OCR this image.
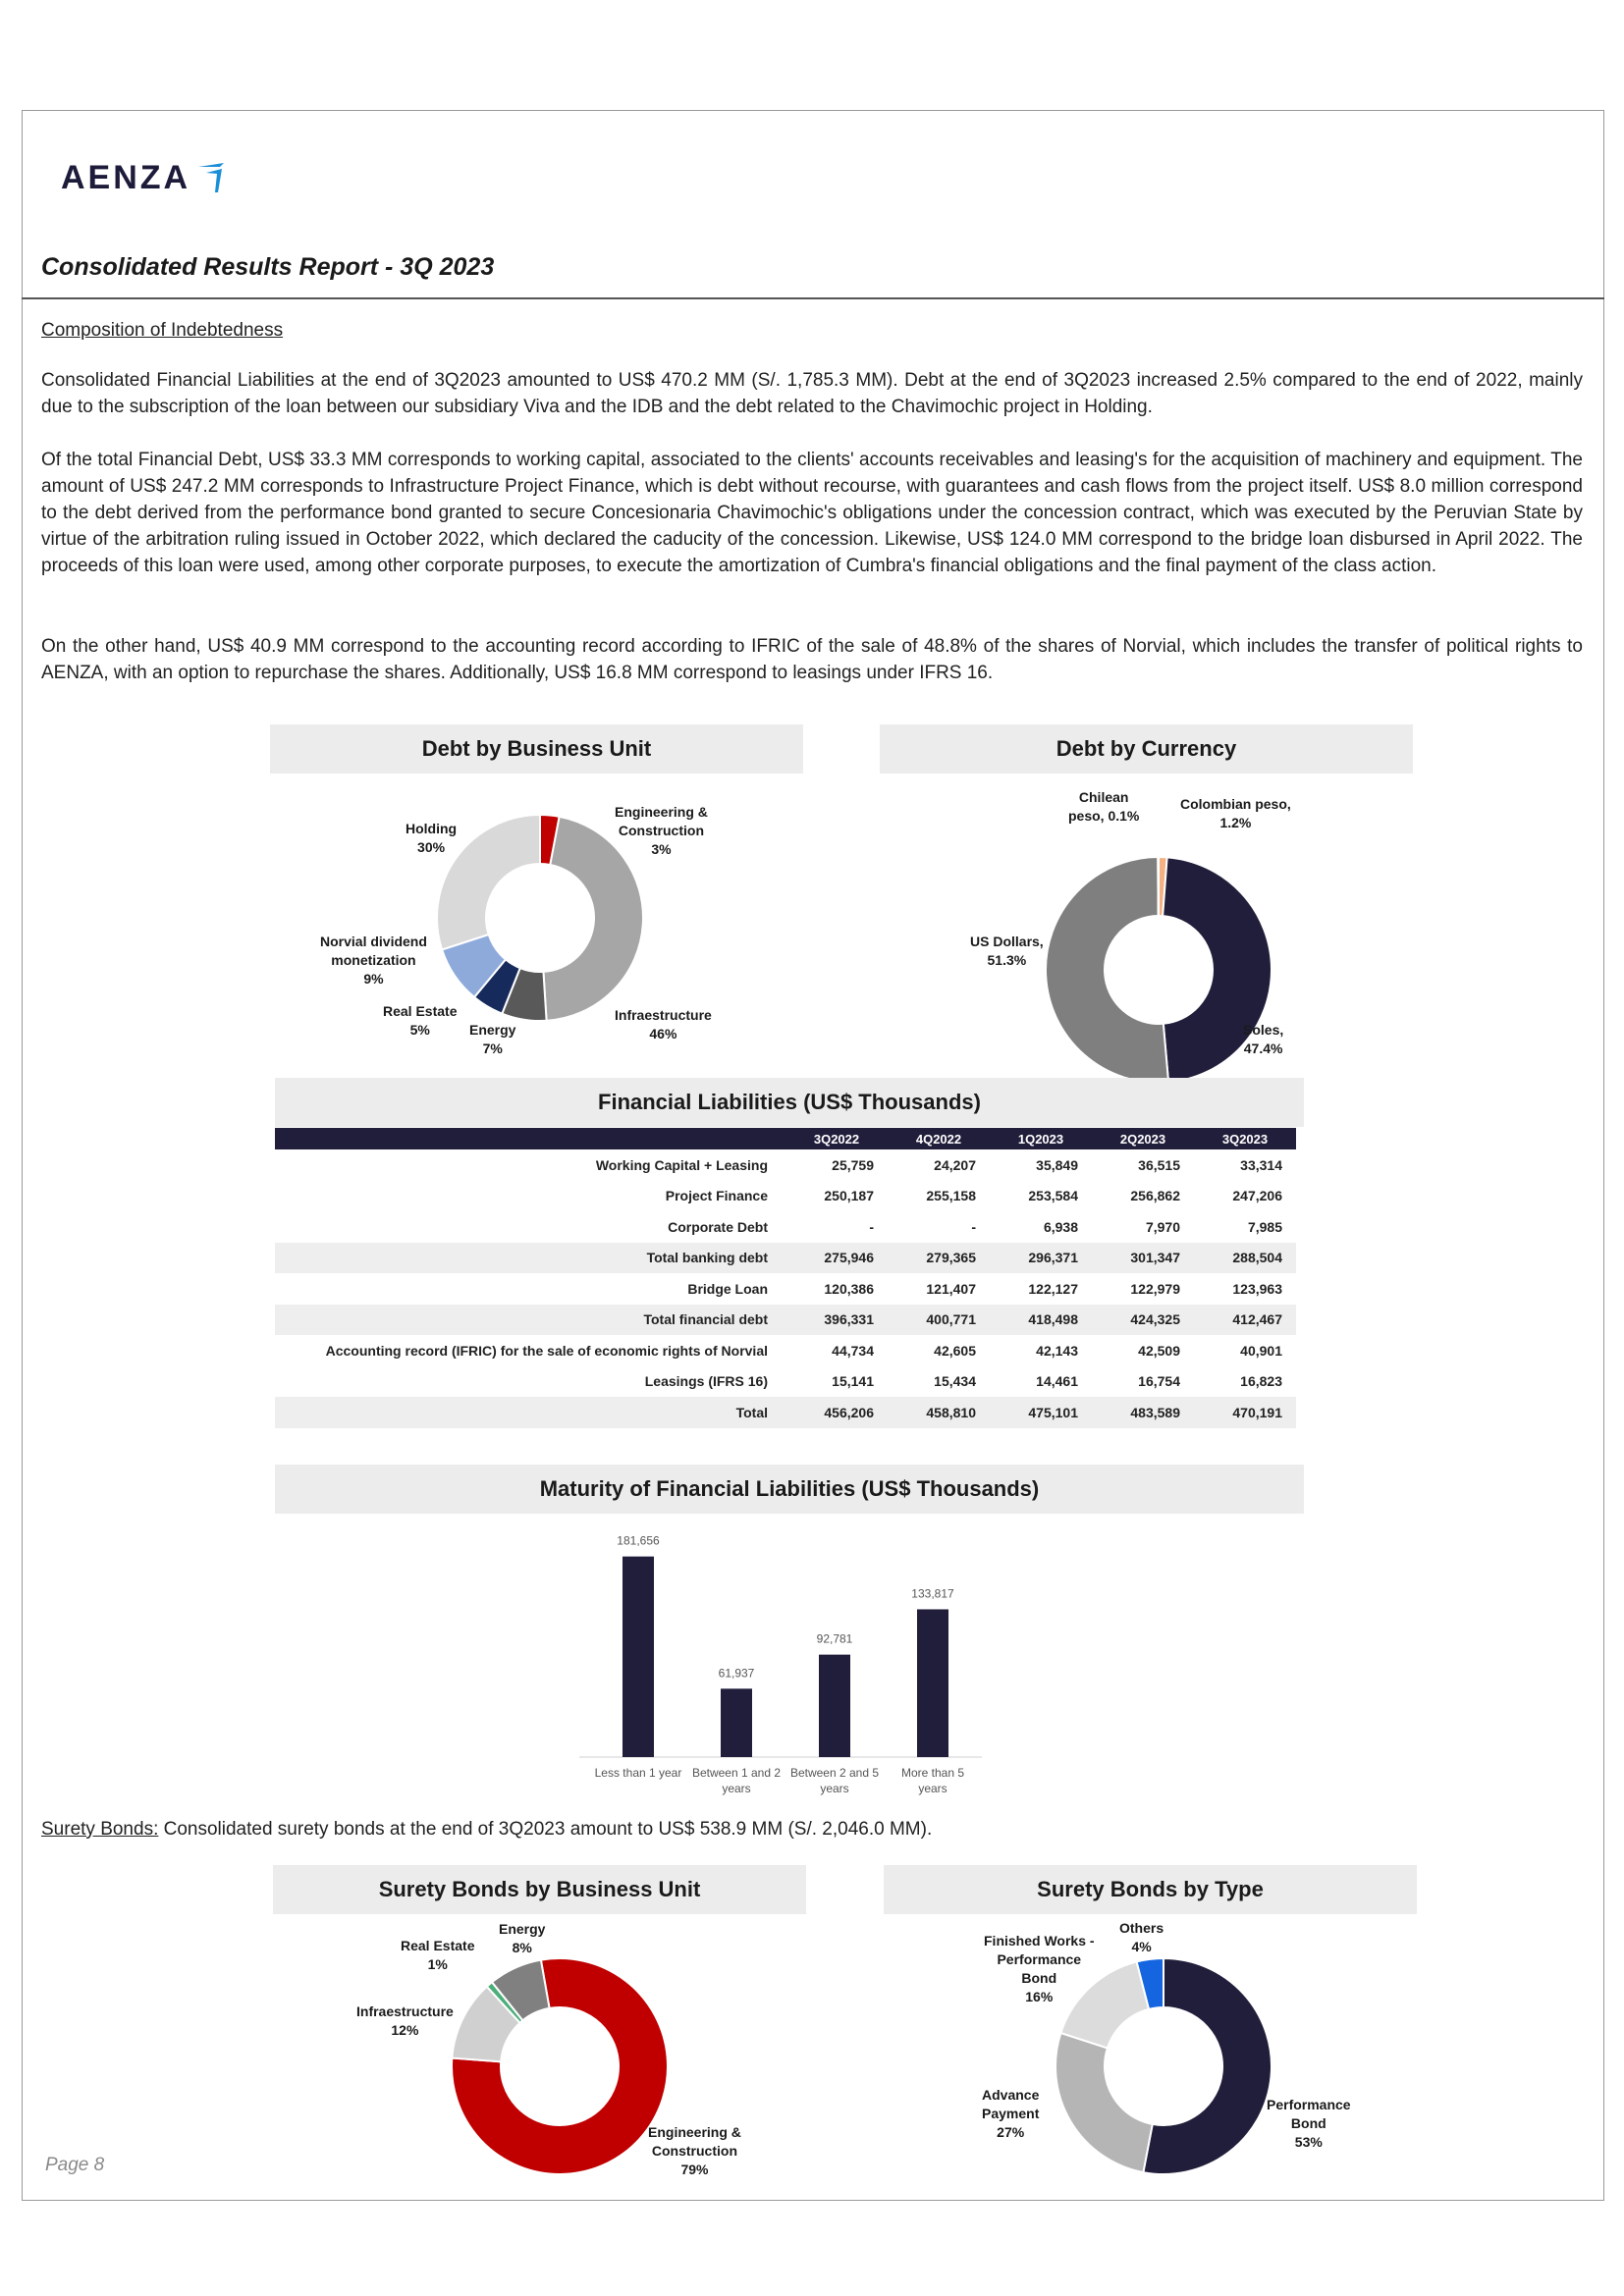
AENZA
Consolidated Results Report - 3Q 2023
Composition of Indebtedness
Consolidated Financial Liabilities at the end of 3Q2023 amounted to US$ 470.2 MM (S/. 1,785.3 MM). Debt at the end of 3Q2023 increased 2.5% compared to the end of 2022, mainly due to the subscription of the loan between our subsidiary Viva and the IDB and the debt related to the Chavimochic project in Holding.
Of the total Financial Debt, US$ 33.3 MM corresponds to working capital, associated to the clients' accounts receivables and leasing's for the acquisition of machinery and equipment. The amount of US$ 247.2 MM corresponds to Infrastructure Project Finance, which is debt without recourse, with guarantees and cash flows from the project itself. US$ 8.0 million correspond to the debt derived from the performance bond granted to secure Concesionaria Chavimochic's obligations under the concession contract, which was executed by the Peruvian State by virtue of the arbitration ruling issued in October 2022, which declared the caducity of the concession. Likewise, US$ 124.0 MM correspond to the bridge loan disbursed in April 2022. The proceeds of this loan were used, among other corporate purposes, to execute the amortization of Cumbra's financial obligations and the final payment of the class action.
On the other hand, US$ 40.9 MM correspond to the accounting record according to IFRIC of the sale of 48.8% of the shares of Norvial, which includes the transfer of political rights to AENZA, with an option to repurchase the shares. Additionally, US$ 16.8 MM correspond to leasings under IFRS 16.
Debt by Business Unit
Holding
30%
Engineering &
Construction
3%
Norvial dividend
monetization
9%
Real Estate
5%	Energy
7%
Infraestructure
46%
Debt by Currency
Chilean
peso, 0.1%
Colombian peso,
1.2%
US Dollars,
51.3%
Soles,
47.4%
Financial Liabilities (US$ Thousands)
	3Q2022	4Q2022	1Q2023	2Q2023	3Q2023
Working Capital + Leasing	25,759	24,207	35,849	36,515	33,314
Project Finance	250,187	255,158	253,584	256,862	247,206
Corporate Debt	-	-	6,938	7,970	7,985
Total banking debt	275,946	279,365	296,371	301,347	288,504
Bridge Loan	120,386	121,407	122,127	122,979	123,963
Total financial debt	396,331	400,771	418,498	424,325	412,467
Accounting record (IFRIC) for the sale of economic rights of Norvial	44,734	42,605	42,143	42,509	40,901
Leasings (IFRS 16)	15,141	15,434	14,461	16,754	16,823
Total	456,206	458,810	475,101	483,589	470,191
Maturity of Financial Liabilities (US$ Thousands)
181,656
Less than 1 year
61,937
Between 1 and 2
years
92,781
Between 2 and 5
years
133,817
More than 5
years
Surety Bonds: Consolidated surety bonds at the end of 3Q2023 amount to US$ 538.9 MM (S/. 2,046.0 MM).
Surety Bonds by Business Unit
Real Estate
1%
Energy
8%
Infraestructure
12%
Engineering &
Construction
79%
Surety Bonds by Type
Finished Works -
Performance
Bond
16%
Others
4%
Advance
Payment
27%
Performance
Bond
53%
Page 8
